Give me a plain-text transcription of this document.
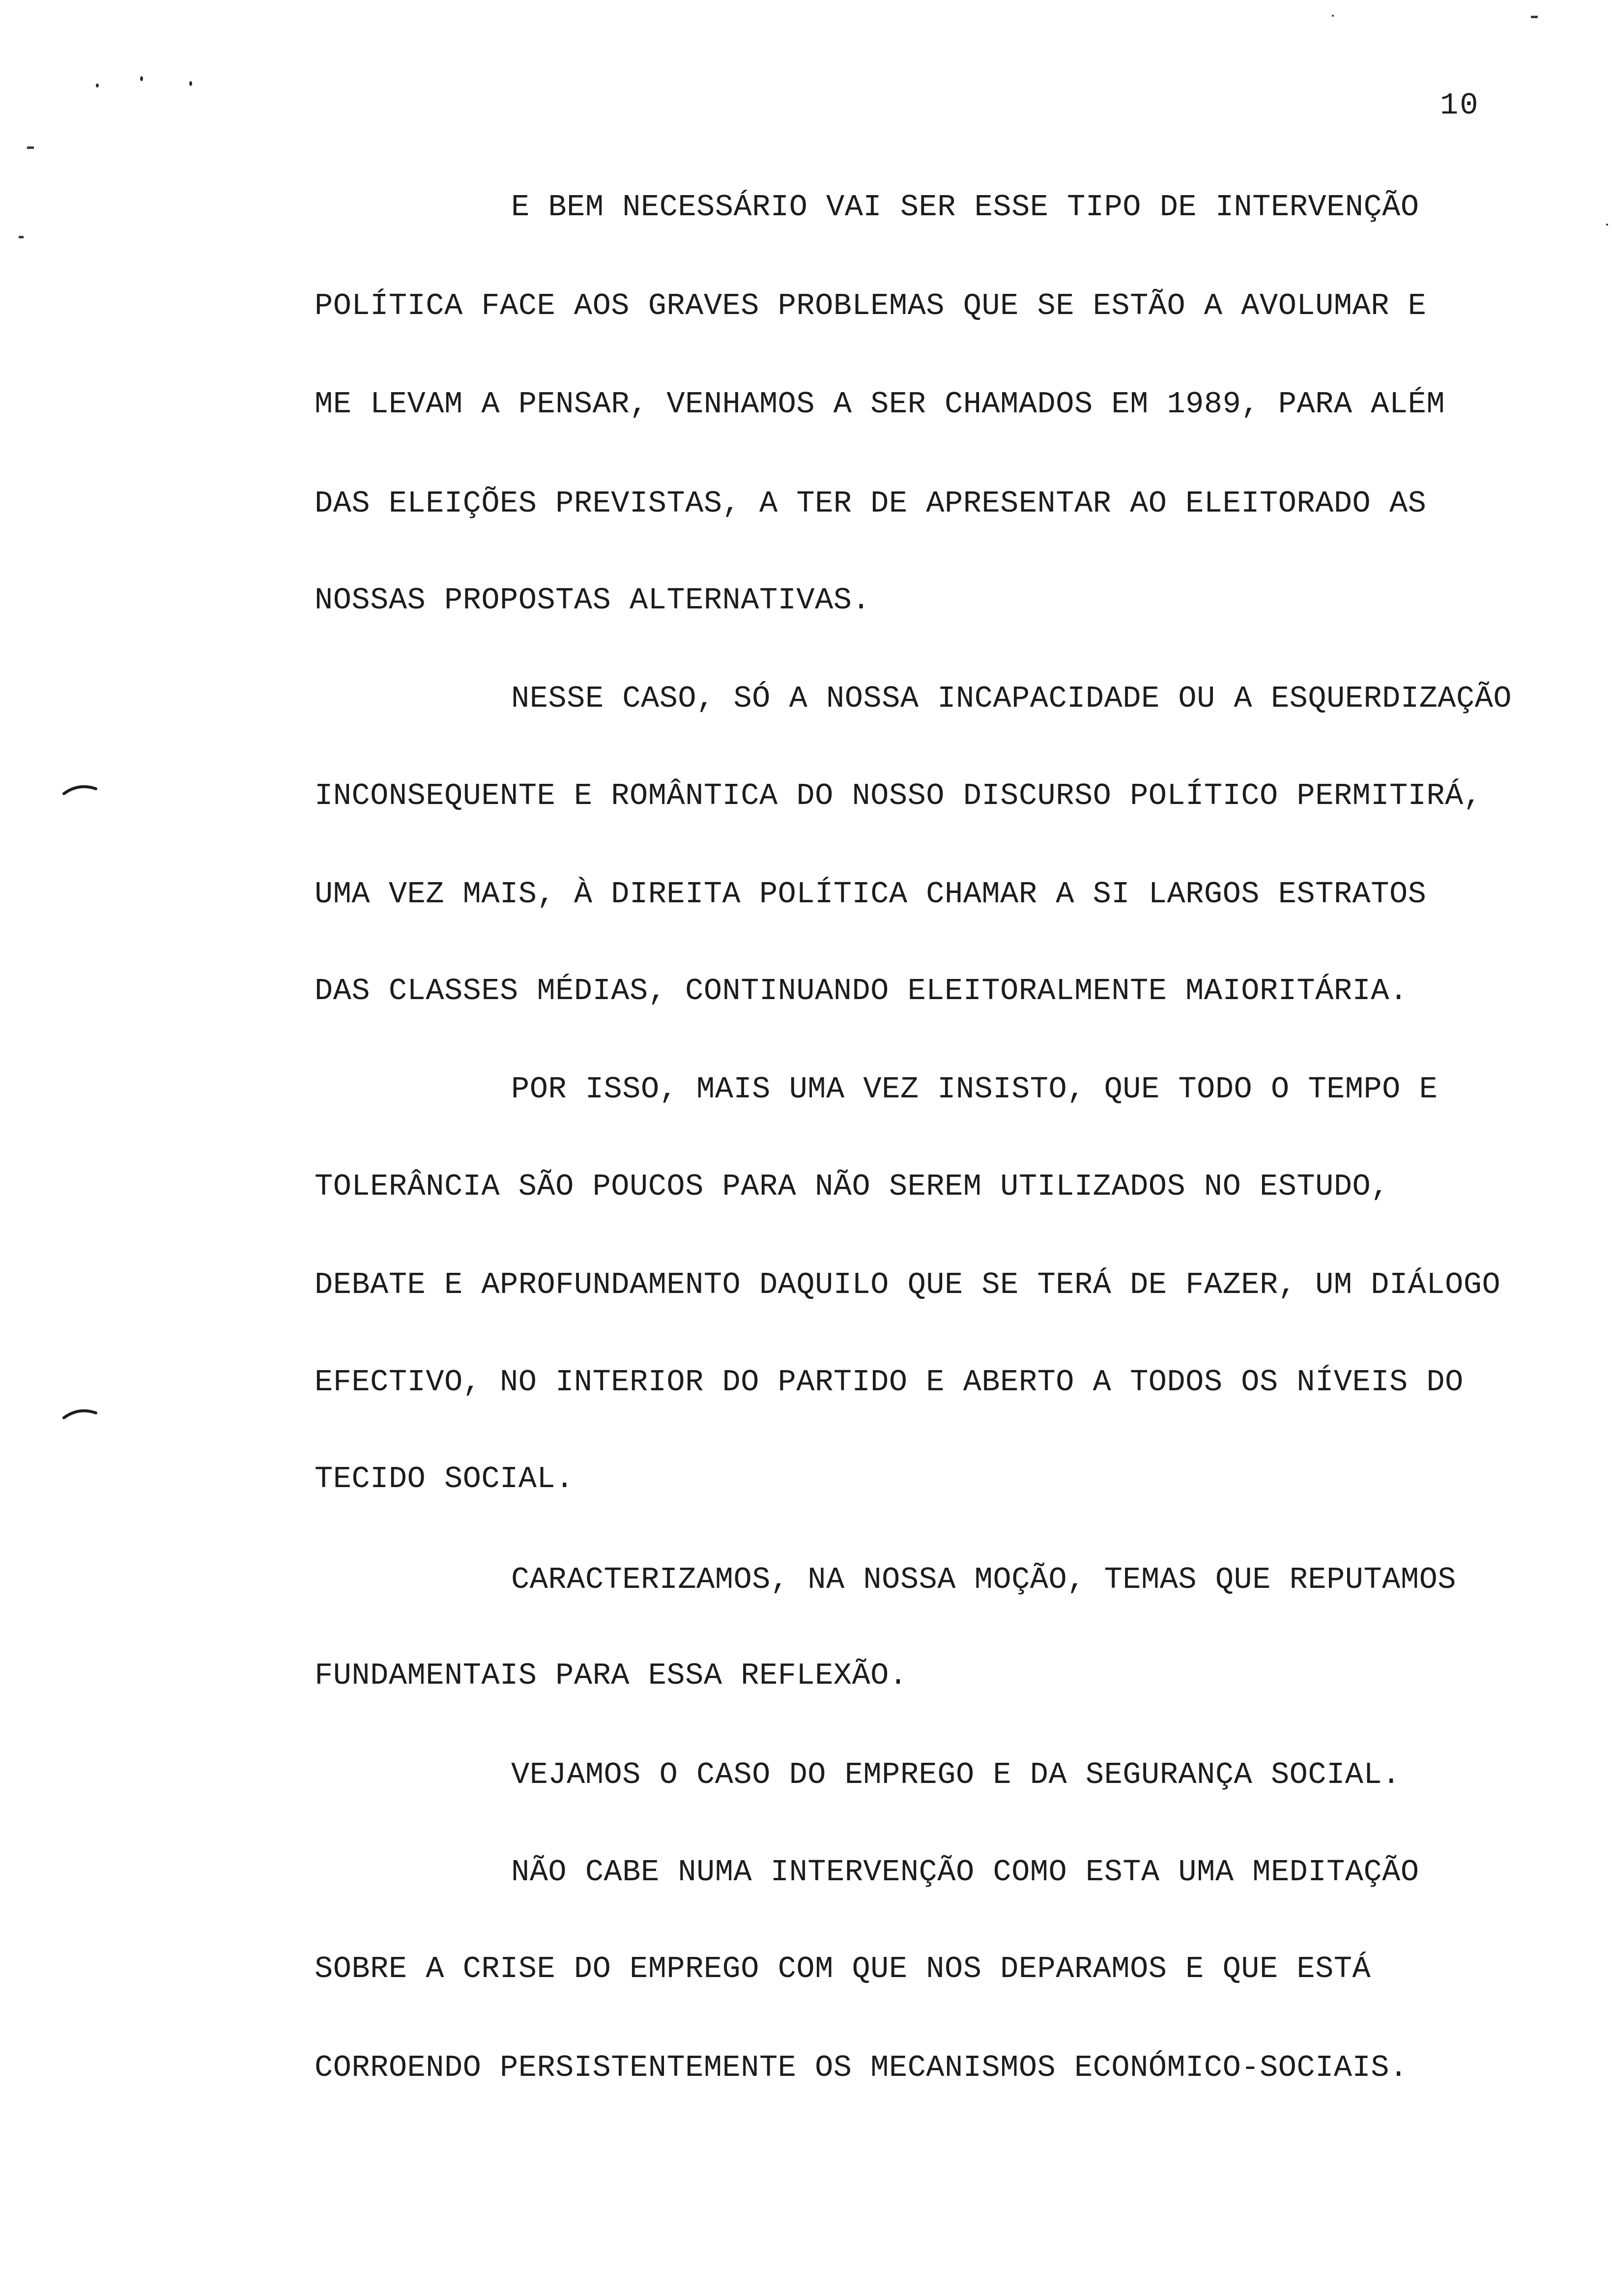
10
E BEM NECESSÁRIO VAI SER ESSE TIPO DE INTERVENÇÃO
POLÍTICA FACE AOS GRAVES PROBLEMAS QUE SE ESTÃO A AVOLUMAR E
ME LEVAM A PENSAR, VENHAMOS A SER CHAMADOS EM 1989, PARA ALÉM
DAS ELEIÇÕES PREVISTAS, A TER DE APRESENTAR AO ELEITORADO AS
NOSSAS PROPOSTAS ALTERNATIVAS.
NESSE CASO, SÓ A NOSSA INCAPACIDADE OU A ESQUERDIZAÇÃO
INCONSEQUENTE E ROMÂNTICA DO NOSSO DISCURSO POLÍTICO PERMITIRÁ,
UMA VEZ MAIS, À DIREITA POLÍTICA CHAMAR A SI LARGOS ESTRATOS
DAS CLASSES MÉDIAS, CONTINUANDO ELEITORALMENTE MAIORITÁRIA.
POR ISSO, MAIS UMA VEZ INSISTO, QUE TODO O TEMPO E
TOLERÂNCIA SÃO POUCOS PARA NÃO SEREM UTILIZADOS NO ESTUDO,
DEBATE E APROFUNDAMENTO DAQUILO QUE SE TERÁ DE FAZER, UM DIÁLOGO
EFECTIVO, NO INTERIOR DO PARTIDO E ABERTO A TODOS OS NÍVEIS DO
TECIDO SOCIAL.
CARACTERIZAMOS, NA NOSSA MOÇÃO, TEMAS QUE REPUTAMOS
FUNDAMENTAIS PARA ESSA REFLEXÃO.
VEJAMOS O CASO DO EMPREGO E DA SEGURANÇA SOCIAL.
NÃO CABE NUMA INTERVENÇÃO COMO ESTA UMA MEDITAÇÃO
SOBRE A CRISE DO EMPREGO COM QUE NOS DEPARAMOS E QUE ESTÁ
CORROENDO PERSISTENTEMENTE OS MECANISMOS ECONÓMICO-SOCIAIS.
